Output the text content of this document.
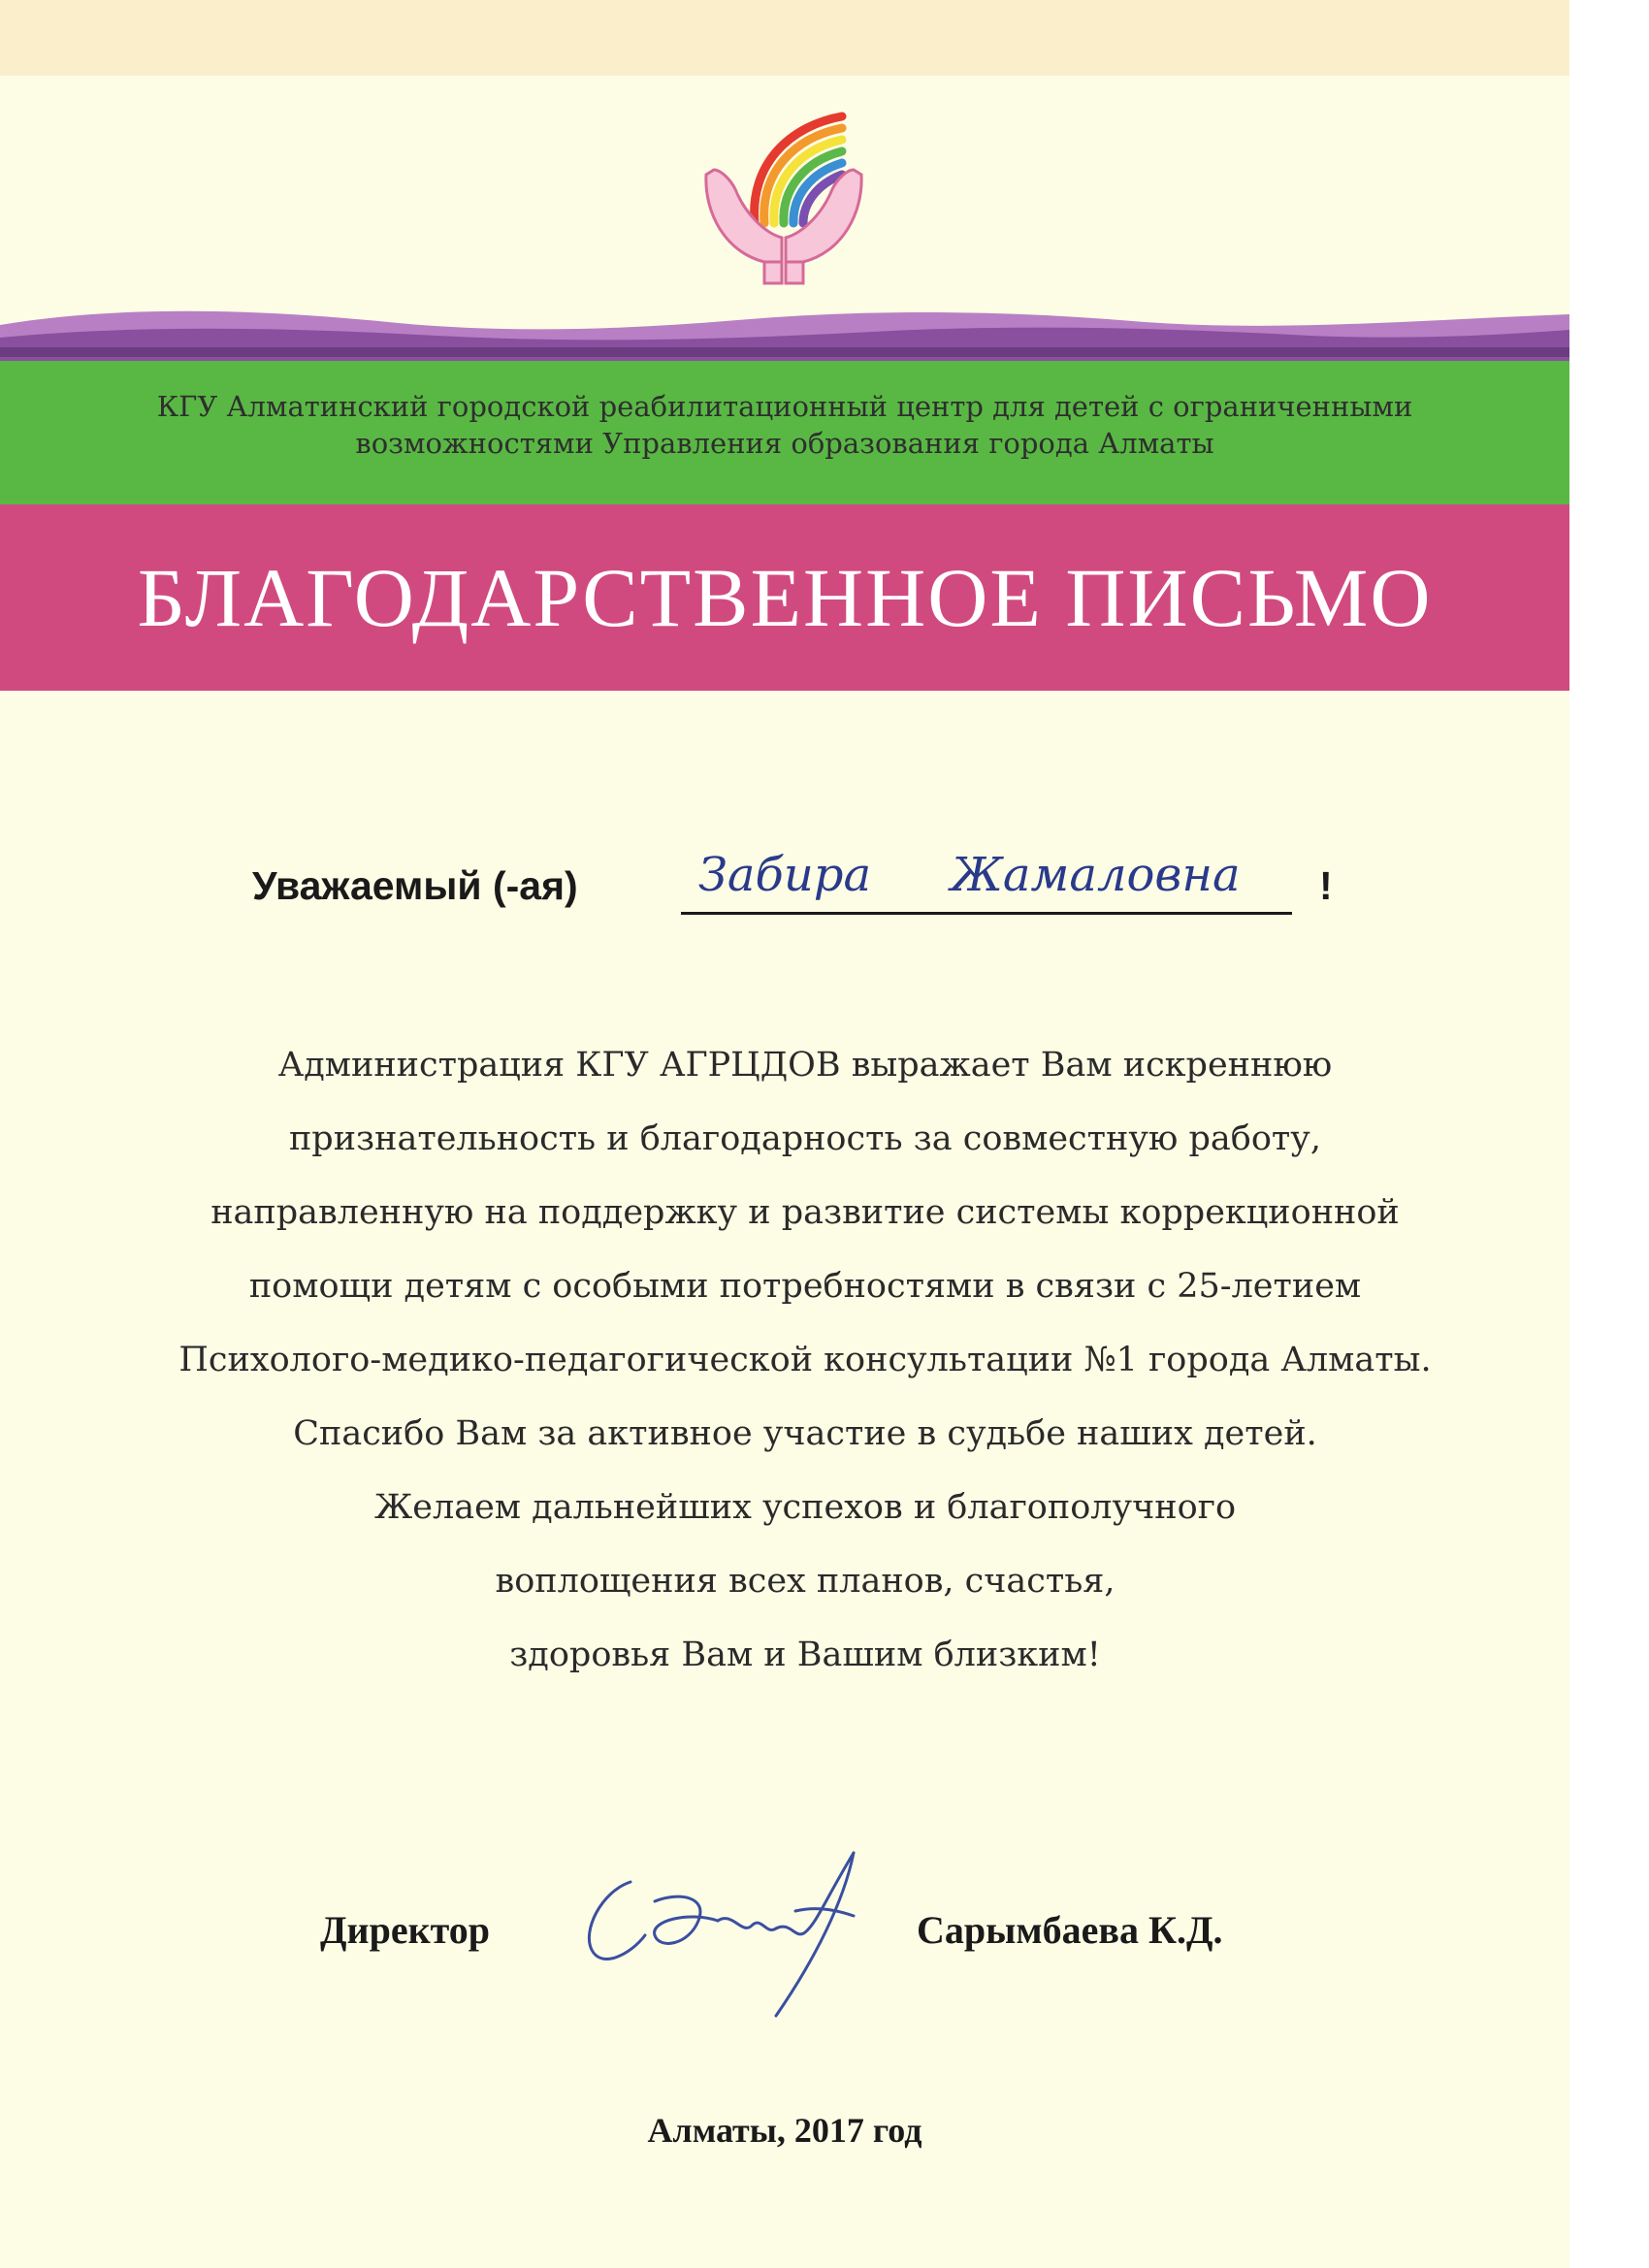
КГУ Алматинский городской реабилитационный центр для детей с ограниченными
возможностями Управления образования города Алматы
БЛАГОДАРСТВЕННОЕ ПИСЬМО
Уважаемый (-ая)	Забира Жамаловна !

Администрация КГУ АГРЦДОВ выражает Вам искреннюю

признательность и благодарность за совместную работу,

направленную на поддержку и развитие системы коррекционной

помощи детям с особыми потребностями в связи с 25-летием

Психолого-медико-педагогической консультации №1 города Алматы.

Спасибо Вам за активное участие в судьбе наших детей.

Желаем дальнейших успехов и благополучного

воплощения всех планов, счастья,

здоровья Вам и Вашим близким!

Директор	Сарымбаева К.Д.
Алматы, 2017 год
